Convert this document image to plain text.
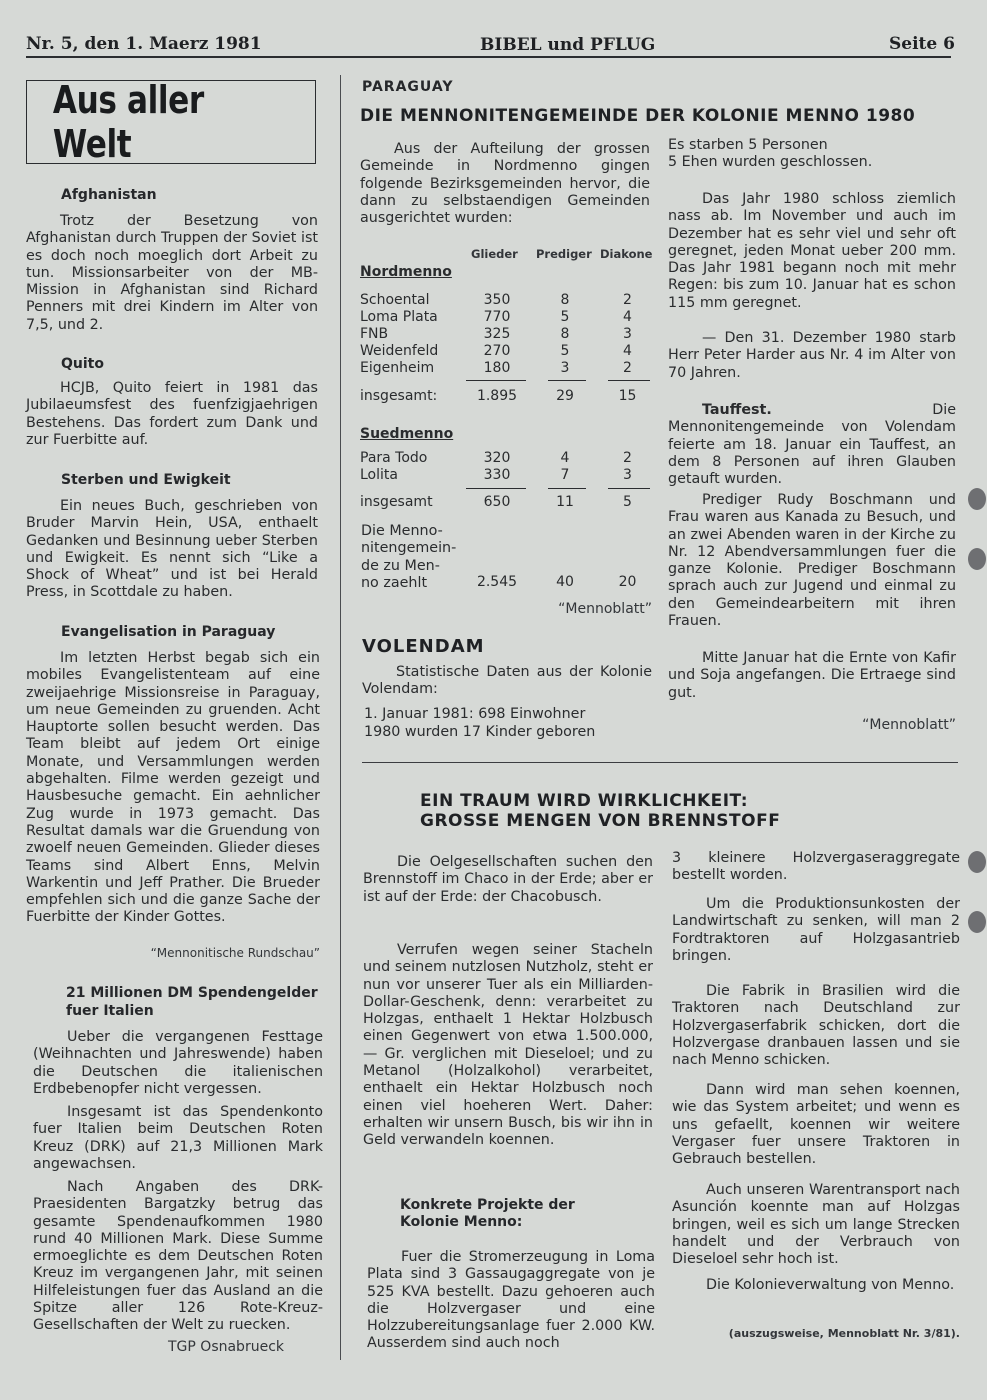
Nr. 5, den 1. Maerz 1981	BIBEL und PFLUG	Seite 6
Aus aller Welt
Afghanistan
Trotz der Besetzung von Afghanistan durch Truppen der Soviet ist es doch noch moeglich dort Arbeit zu tun. Missionsarbeiter von der MB-Mission in Afghanistan sind Richard Penners mit drei Kindern im Alter von 7,5, und 2.
Quito
HCJB, Quito feiert in 1981 das Jubilaeumsfest des fuenfzigjaehrigen Bestehens. Das fordert zum Dank und zur Fuerbitte auf.
Sterben und Ewigkeit
Ein neues Buch, geschrieben von Bruder Marvin Hein, USA, enthaelt Gedanken und Besinnung ueber Sterben und Ewigkeit. Es nennt sich “Like a Shock of Wheat” und ist bei Herald Press, in Scottdale zu haben.
Evangelisation in Paraguay
Im letzten Herbst begab sich ein mobiles Evangelistenteam auf eine zweijaehrige Missionsreise in Paraguay, um neue Gemeinden zu gruenden. Acht Hauptorte sollen besucht werden. Das Team bleibt auf jedem Ort einige Monate, und Versammlungen werden abgehalten. Filme werden gezeigt und Hausbesuche gemacht. Ein aehnlicher Zug wurde in 1973 gemacht. Das Resultat damals war die Gruendung von zwoelf neuen Gemeinden. Glieder dieses Teams sind Albert Enns, Melvin Warkentin und Jeff Prather. Die Brueder empfehlen sich und die ganze Sache der Fuerbitte der Kinder Gottes.
“Mennonitische Rundschau”
21 Millionen DM Spendengelder fuer Italien
Ueber die vergangenen Festtage (Weihnachten und Jahreswende) haben die Deutschen die italienischen Erdbebenopfer nicht vergessen.
Insgesamt ist das Spendenkonto fuer Italien beim Deutschen Roten Kreuz (DRK) auf 21,3 Millionen Mark angewachsen.
Nach Angaben des DRK-Praesidenten Bargatzky betrug das gesamte Spendenaufkommen 1980 rund 40 Millionen Mark. Diese Summe ermoeglichte es dem Deutschen Roten Kreuz im vergangenen Jahr, mit seinen Hilfeleistungen fuer das Ausland an die Spitze aller 126 Rote-Kreuz-Gesellschaften der Welt zu ruecken.
TGP Osnabrueck
PARAGUAY
DIE MENNONITENGEMEINDE DER KOLONIE MENNO 1980
Aus der Aufteilung der grossen Gemeinde in Nordmenno gingen folgende Bezirksgemeinden hervor, die dann zu selbstaendigen Gemeinden ausgerichtet wurden:
Glieder Prediger Diakone
Nordmenno
Schoental	350	8	2
Loma Plata	770	5	4
FNB	325	8	3
Weidenfeld	270	5	4
Eigenheim	180	3	2
insgesamt:	1.895	29	15
Suedmenno
Para Todo	320	4	2
Lolita	330	7	3
insgesamt	650	11	5
Die Menno-
nitengemein-
de zu Men-
no zaehlt	2.545	40	20
“Mennoblatt”
VOLENDAM
Statistische Daten aus der Kolonie Volendam:
1. Januar 1981: 698 Einwohner
1980 wurden 17 Kinder geboren
Es starben 5 Personen
5 Ehen wurden geschlossen.
Das Jahr 1980 schloss ziemlich nass ab. Im November und auch im Dezember hat es sehr viel und sehr oft geregnet, jeden Monat ueber 200 mm. Das Jahr 1981 begann noch mit mehr Regen: bis zum 10. Januar hat es schon 115 mm geregnet.
— Den 31. Dezember 1980 starb Herr Peter Harder aus Nr. 4 im Alter von 70 Jahren.
Tauffest.	Die Mennonitengemeinde von Volendam feierte am 18. Januar ein Tauffest, an dem 8 Personen auf ihren Glauben getauft wurden.
Prediger Rudy Boschmann und Frau waren aus Kanada zu Besuch, und an zwei Abenden waren in der Kirche zu Nr. 12 Abendversammlungen fuer die ganze Kolonie. Prediger Boschmann sprach auch zur Jugend und einmal zu den Gemeindearbeitern mit ihren Frauen.
Mitte Januar hat die Ernte von Kafir und Soja angefangen. Die Ertraege sind gut.
“Mennoblatt”
EIN TRAUM WIRD WIRKLICHKEIT:
GROSSE MENGEN VON BRENNSTOFF
Die Oelgesellschaften suchen den Brennstoff im Chaco in der Erde; aber er ist auf der Erde: der Chacobusch.
Verrufen wegen seiner Stacheln und seinem nutzlosen Nutzholz, steht er nun vor unserer Tuer als ein Milliarden-Dollar-Geschenk, denn: verarbeitet zu Holzgas, enthaelt 1 Hektar Holzbusch einen Gegenwert von etwa 1.500.000, — Gr. verglichen mit Dieseloel; und zu Metanol (Holzalkohol) verarbeitet, enthaelt ein Hektar Holzbusch noch einen viel hoeheren Wert. Daher: erhalten wir unsern Busch, bis wir ihn in Geld verwandeln koennen.
Konkrete Projekte der
Kolonie Menno:
Fuer die Stromerzeugung in Loma Plata sind 3 Gassaugaggregate von je 525 KVA bestellt. Dazu gehoeren auch die Holzvergaser und eine Holzzubereitungsanlage fuer 2.000 KW. Ausserdem sind auch noch
3 kleinere Holzvergaseraggregate bestellt worden.
Um die Produktionsunkosten der Landwirtschaft zu senken, will man 2 Fordtraktoren auf Holzgasantrieb bringen.
Die Fabrik in Brasilien wird die Traktoren nach Deutschland zur Holzvergaserfabrik schicken, dort die Holzvergase dranbauen lassen und sie nach Menno schicken.
Dann wird man sehen koennen, wie das System arbeitet; und wenn es uns gefaellt, koennen wir weitere Vergaser fuer unsere Traktoren in Gebrauch bestellen.
Auch unseren Warentransport nach Asunción koennte man auf Holzgas bringen, weil es sich um lange Strecken handelt und der Verbrauch von Dieseloel sehr hoch ist.
Die Kolonieverwaltung von Menno.
(auszugsweise, Mennoblatt Nr. 3/81).
